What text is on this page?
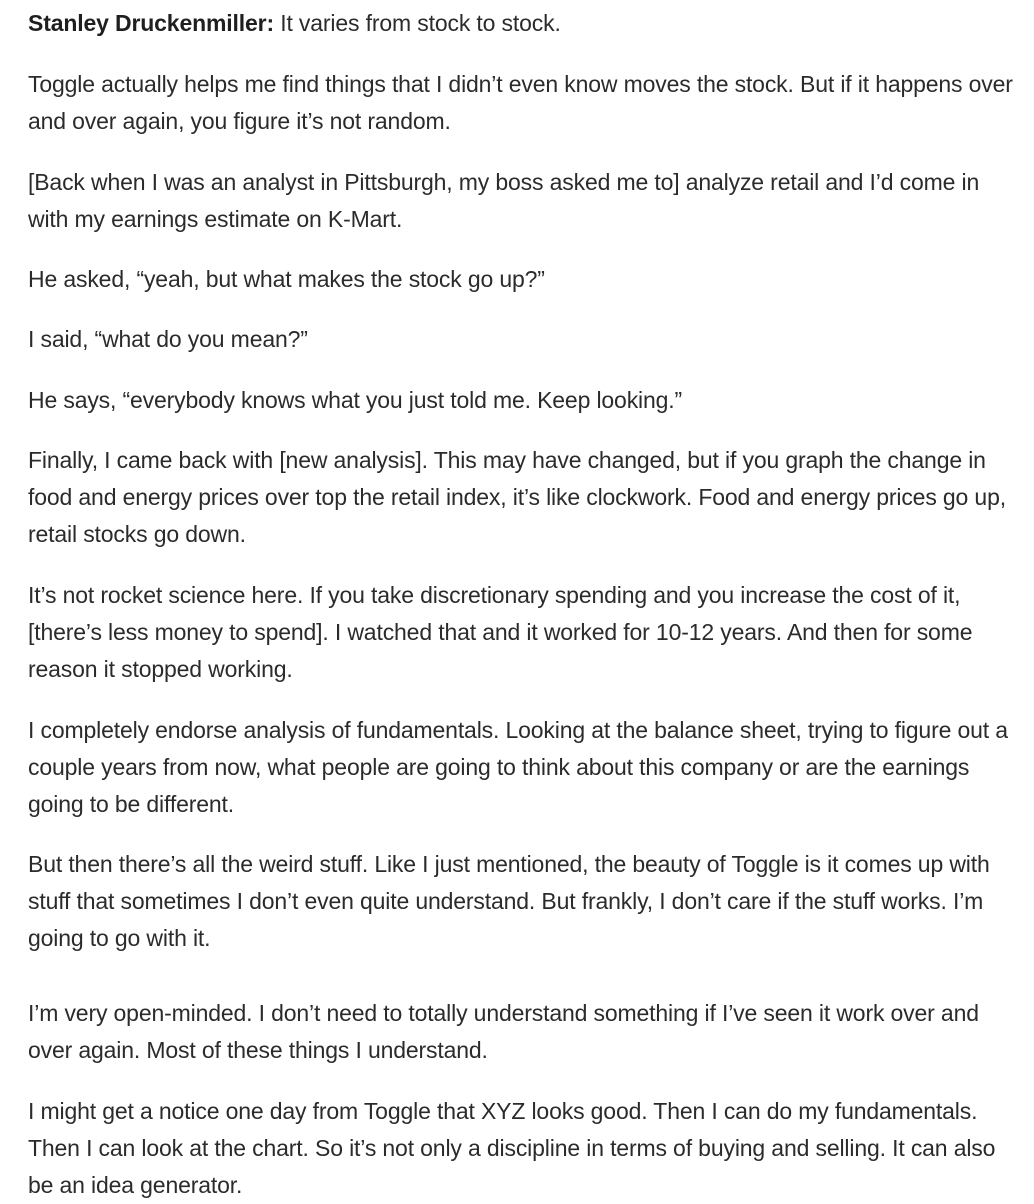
Stanley Druckenmiller: It varies from stock to stock.

Toggle actually helps me find things that I didn’t even know moves the stock. But if it happens over and over again, you figure it’s not random.

[Back when I was an analyst in Pittsburgh, my boss asked me to] analyze retail and I’d come in with my earnings estimate on K-Mart.

He asked, “yeah, but what makes the stock go up?”

I said, “what do you mean?”

He says, “everybody knows what you just told me. Keep looking.”

Finally, I came back with [new analysis]. This may have changed, but if you graph the change in food and energy prices over top the retail index, it’s like clockwork. Food and energy prices go up, retail stocks go down.

It’s not rocket science here. If you take discretionary spending and you increase the cost of it, [there’s less money to spend]. I watched that and it worked for 10-12 years. And then for some reason it stopped working.

I completely endorse analysis of fundamentals. Looking at the balance sheet, trying to figure out a couple years from now, what people are going to think about this company or are the earnings going to be different.

But then there’s all the weird stuff. Like I just mentioned, the beauty of Toggle is it comes up with stuff that sometimes I don’t even quite understand. But frankly, I don’t care if the stuff works. I’m going to go with it.

I’m very open-minded. I don’t need to totally understand something if I’ve seen it work over and over again. Most of these things I understand.

I might get a notice one day from Toggle that XYZ looks good. Then I can do my fundamentals. Then I can look at the chart. So it’s not only a discipline in terms of buying and selling. It can also be an idea generator.
